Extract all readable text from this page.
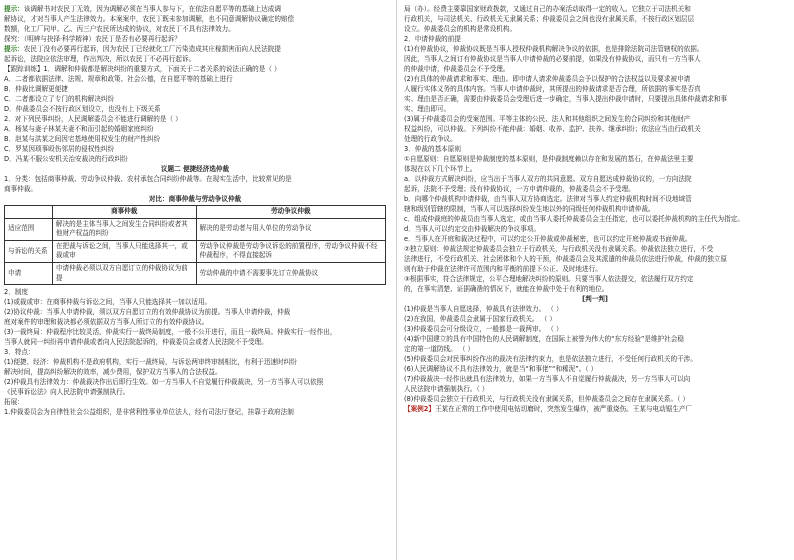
提示：该调解书对农民丁无效，因为调解必须在当事人参与下，在依法自愿平等的基础上达成调
解协议，才对当事人产生法律效力。本案案中，农民丁既未参加调解，也不同意调解协议确定的赔偿
数额，化工厂同甲、乙、丙三户农民所达成的协议，对农民丁不具有法律效力。
探究：（明辨与抉择·科学精神）农民丁是否有必要再行起诉？
提示：农民丁没有必要再行起诉，因为农民丁已经就化工厂污染造成其庄稼损害而向人民法院提
起诉讼，法院应依法审理，作出判决，所以农民丁不必再行起诉。
【跟踪训练】1．调解和仲裁都是解决纠纷的重要方式，下面关于二者关系的说法正确的是（ ）
A．二者都依据法律、法规、规章和政策、社会公德，在自愿平等的基础上进行
B．仲裁比调解更便捷
C．二者都设立了专门的机构解决纠纷
D．仲裁委员会不按行政区划设立，也没有上下级关系
2．对下列民事纠纷，人民调解委员会不能进行调解的是（ ）
A．杨某与妻子林某夫妻不和而引起的婚姻家庭纠纷
B．赵某与洪某之间因宅基地使用权发生的财产性纠纷
C．罗某因琐事殴伤邻居的侵权性纠纷
D．冯某不服公安机关治安裁决的行政纠纷
议题二 便捷经济选仲裁
1．分类：包括商事仲裁、劳动争议仲裁、农村承包合同纠纷仲裁等。在现实生活中，比较常见的是
商事仲裁。
对比：商事仲裁与劳动争议仲裁
	商事仲裁	劳动争议仲裁
适应范围	解决的是主体当事人之间发生合同纠纷或者其他财产权益的纠纷	解决的是劳动者与用人单位的劳动争议
与诉讼的关系	在把裁与诉讼之间，当事人只能选择其一，或裁或审	劳动争议仲裁是劳动争议诉讼的前置程序，劳动争议仲裁不经仲裁程序，不得直接起诉
申请	申请仲裁必须以双方自愿订立的仲裁协议为前提	劳动仲裁的申请不需要事先订立仲裁协议
2．制度
(1)或裁或审：在商事仲裁与诉讼之间，当事人只能选择其一加以适用。
(2)协议仲裁：当事人申请仲裁，须以双方自愿订立的有效仲裁协议为前提。当事人申请仲裁，仲裁
庭对案件的审理和裁决都必须依据双方当事人所订立的有效仲裁协议。
(3)一裁终局：仲裁程序比较灵活，仲裁实行一裁终局制度，一般不公开进行，而且一裁终局。仲裁实行一经作出，
当事人就同一纠纷再申请仲裁或者向人民法院起诉的，仲裁委员会或者人民法院不予受理。
3．特点：
(1)便捷、经济：仲裁机构不是政府机构，实行一裁终局，与诉讼两审终审制相比，有利于迅速时纠纷
解决时间，提高纠纷解决的效率，减少费用，保护双方当事人的合法权益。
(2)仲裁具有法律效力：仲裁裁决作出后即行生效。如一方当事人不自觉履行仲裁裁决，另一方当事人可以依照
《民事诉讼法》向人民法院申请强制执行。
拓展：
1.仲裁委员会为自律性社会公益组织，是非营利性事业单位法人，经有司法厅登记，挂靠于政府法制
局（办）。经费主要靠国家财政拨款，又通过自己的办案活动取得一定的收入。它独立于司法机关和
行政机关，与司法机关、行政机关无隶属关系；仲裁委员会之间也没有隶属关系，不按行政区划层层
设立。仲裁委员会的机构是常设机构。
2．申请仲裁的前提
(1)有仲裁协议，仲裁协议既是当事人授权仲裁机构解决争议的依据，也是排除法院司法管辖权的依据。
因此，当事人之间订有仲裁协议是当事人申请仲裁的必要前提，如果没有仲裁协议，而只有一方当事人
的仲裁申请，仲裁委员会不予受理。
(2)有具体的仲裁请求和事实、理由。即申请人请求仲裁委员会予以保护的合法权益以及要求被申请
人履行实体义务的具体内容。当事人申请仲裁时，其所提出的仲裁请求是否合理，所依据的事实是否真
实、理由是否正确，需要由仲裁委员会受理后进一步确定，当事人提出仲裁申请时，只要提出具体仲裁请求和事
实、理由即可。
(3)属于仲裁委员会的受案范围。平等主体的公民、法人和其他组织之间发生的合同纠纷和其他财产
权益纠纷，可以仲裁。下列纠纷不能仲裁：婚姻、收养、监护、扶养、继承纠纷；依法应当由行政机关
处理的行政争议。
3．仲裁的基本原则
①自愿原则：自愿原则是仲裁制度的基本原则，是仲裁制度赖以存在和发展的基石，在仲裁法里主要
体现在以下几个环节上。
a．以仲裁方式解决纠纷，应当出于当事人双方的共同意愿。双方自愿达成仲裁协议的，一方向法院
起诉，法院不予受理；没有仲裁协议，一方申请仲裁的，仲裁委员会不予受理。
b．向哪个仲裁机构申请仲裁，由当事人双方协商选定。法律对当事人约定仲裁机构时间不设地域管
辖和级别管辖的限制，当事人可以选择纠纷发生地以外的同级任何仲裁机构申请仲裁。
c．组成仲裁庭的仲裁员由当事人选定，或由当事人委托仲裁委员会主任指定，也可以委托仲裁机构的主任代为指定。
d．当事人可以约定交由仲裁解决的争议事项。
e．当事人在开庭和裁决过程中，可以约定公开仲裁或仲裁秘密，也可以约定开庭仲裁或书面仲裁。
②独立原则：仲裁法规定仲裁委员会独立于行政机关，与行政机关没有隶属关系。仲裁依法独立进行，不受
法律进行，不受行政机关、社会团体和个人的干预，仲裁委员会及其派遣的仲裁员依法进行仲裁，仲裁的独立原
则有助于仲裁在法律许可范围内和平衡的前提下公正、及时地进行。
③根据事实，符合法律规定，公平合理地解决纠纷的原则。只要当事人依法提交，依法履行双方约定
的，在事实清楚、证据确凿的情况下，就能在仲裁中处于有利的地位。
[判一判]
(1)仲裁是当事人自愿选择，仲裁具有法律效力。 （ ）
(2)在我国，仲裁委员会隶属于国家行政机关。 （ ）
(3)仲裁委员会可分级设立，一般都是一裁两审。 （ ）
(4)新中国建立的具有中国特色的人民调解制度，在国际上被誉为伟大的“东方经验”是维护社会稳
定的第一道防线。 （ ）
(5)仲裁委员会对民事纠纷作出的裁决有法律约束力，也是依法独立进行，不受任何行政机关的干涉。
(6)人民调解协议不具有法律效力，就是当“和事佬”“和稀泥”。（ ）
(7)仲裁裁决一经作出就具有法律效力，如果一方当事人不自觉履行仲裁裁决，另一方当事人可以向
人民法院申请强制执行。（ ）
(8)仲裁委员会独立于行政机关，与行政机关没有隶属关系，但仲裁委员会之间存在隶属关系。（ ）
【案例2】王某在正常的工作中使用电钻切磨时，突然发生爆炸，被严重烧伤。王某与电动锯生产厂
